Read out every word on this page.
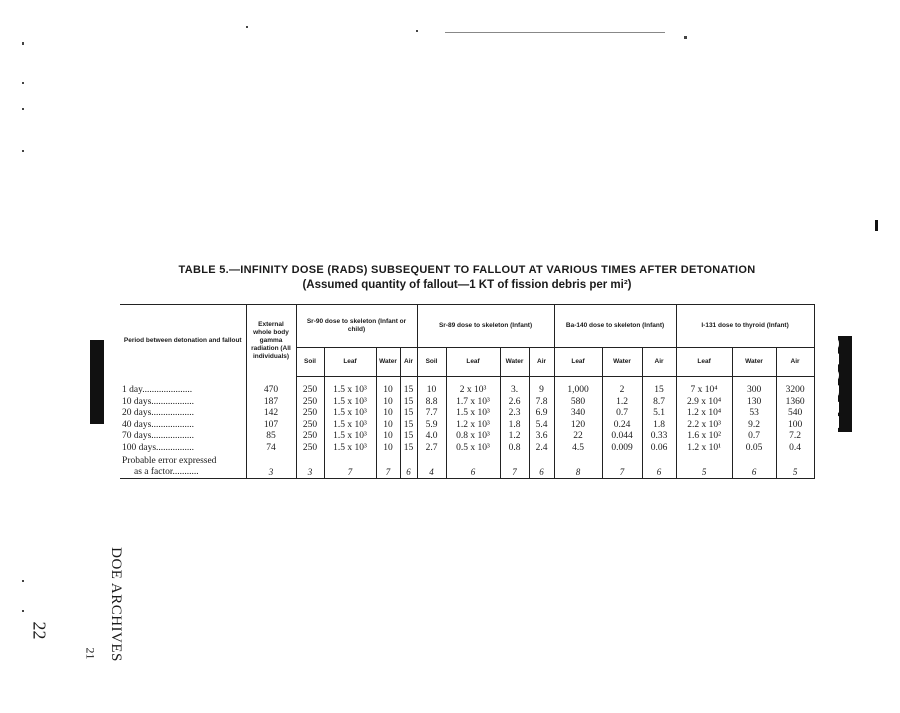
TABLE 5.—INFINITY DOSE (RADS) SUBSEQUENT TO FALLOUT AT VARIOUS TIMES AFTER DETONATION
(Assumed quantity of fallout—1 KT of fission debris per mi²)
Period between detonation and fallout	External whole body gamma radiation (All individuals)	Sr-90 dose to skeleton (Infant or child)				Sr-89 dose to skeleton (Infant)				Ba-140 dose to skeleton (Infant)			I-131 dose to thyroid (Infant)		
		Soil	Leaf	Water	Air	Soil	Leaf	Water	Air	Leaf	Water	Air	Leaf	Water	Air
1 day.....................	470	250	1.5 x 10³	10	15	10	2 x 10³	3.	9	1,000	2	15	7 x 10⁴	300	3200
10 days..................	187	250	1.5 x 10³	10	15	8.8	1.7 x 10³	2.6	7.8	580	1.2	8.7	2.9 x 10⁴	130	1360
20 days..................	142	250	1.5 x 10³	10	15	7.7	1.5 x 10³	2.3	6.9	340	0.7	5.1	1.2 x 10⁴	53	540
40 days..................	107	250	1.5 x 10³	10	15	5.9	1.2 x 10³	1.8	5.4	120	0.24	1.8	2.2 x 10³	9.2	100
70 days..................	85	250	1.5 x 10³	10	15	4.0	0.8 x 10³	1.2	3.6	22	0.044	0.33	1.6 x 10²	0.7	7.2
100 days................	74	250	1.5 x 10³	10	15	2.7	0.5 x 10³	0.8	2.4	4.5	0.009	0.06	1.2 x 10¹	0.05	0.4

Probable error expressed
as a factor...........	3	3	7	7	6	4	6	7	6	8	7	6	5	6	5
SECRET	SECRET
DOE ARCHIVES
22
21
